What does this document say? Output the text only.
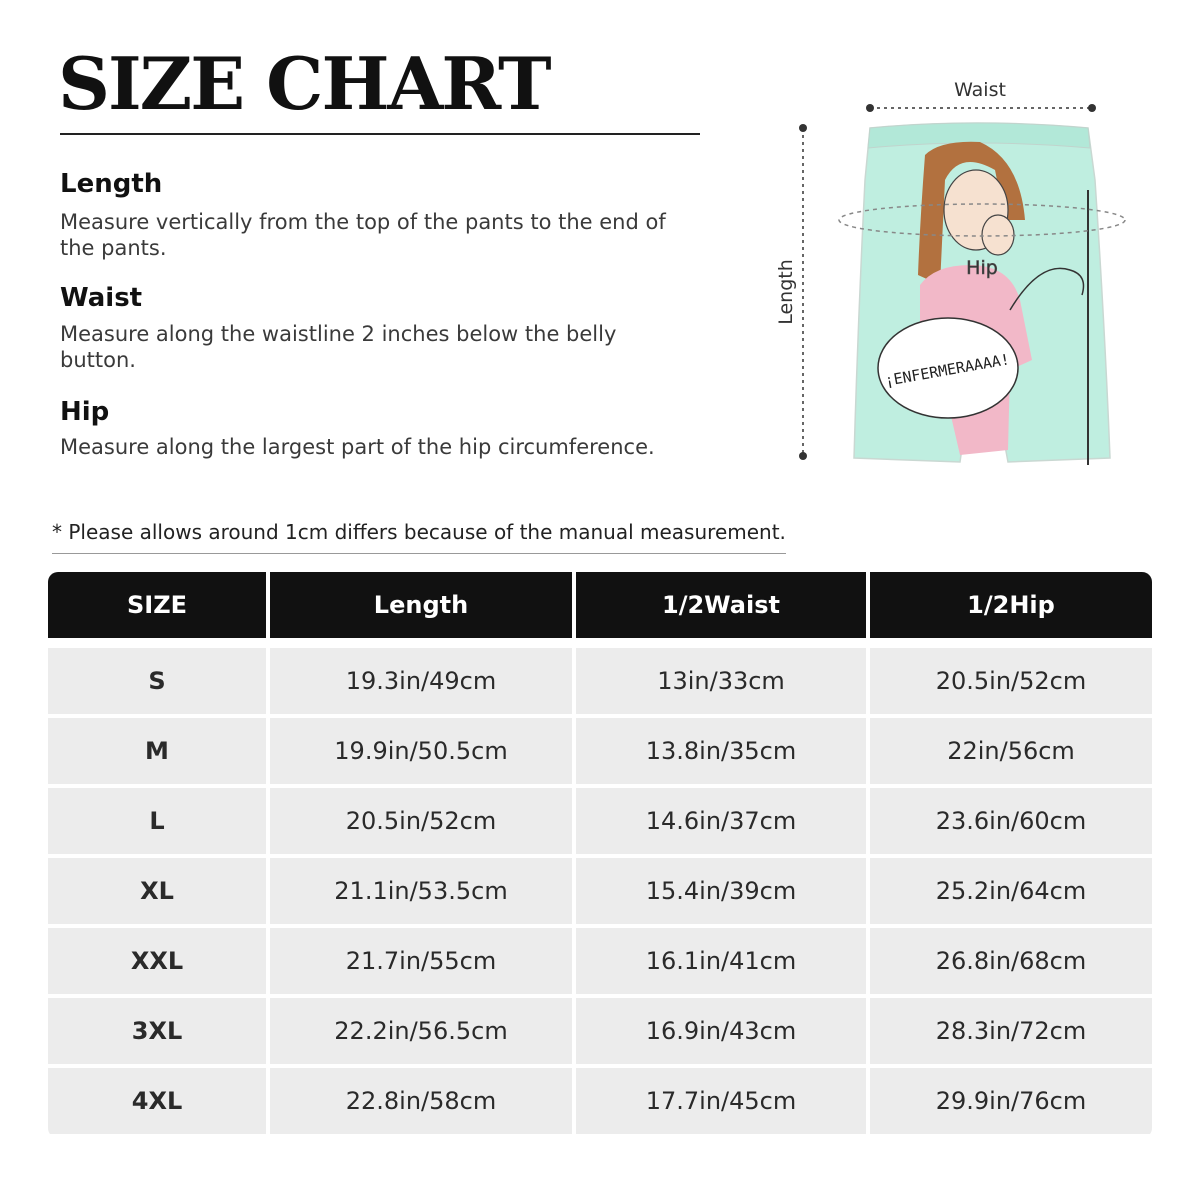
SIZE CHART
Length

Measure vertically from the top of the pants to the end of the pants.

Waist

Measure along the waistline 2 inches below the belly button.

Hip

Measure along the largest part of the hip circumference.

* Please allows around 1cm differs because of the manual measurement.
¡ENFERMERAAAA!
Waist
Hip
Length
SIZE	Length	1/2Waist	1/2Hip
S	19.3in/49cm	13in/33cm	20.5in/52cm
M	19.9in/50.5cm	13.8in/35cm	22in/56cm
L	20.5in/52cm	14.6in/37cm	23.6in/60cm
XL	21.1in/53.5cm	15.4in/39cm	25.2in/64cm
XXL	21.7in/55cm	16.1in/41cm	26.8in/68cm
3XL	22.2in/56.5cm	16.9in/43cm	28.3in/72cm
4XL	22.8in/58cm	17.7in/45cm	29.9in/76cm
